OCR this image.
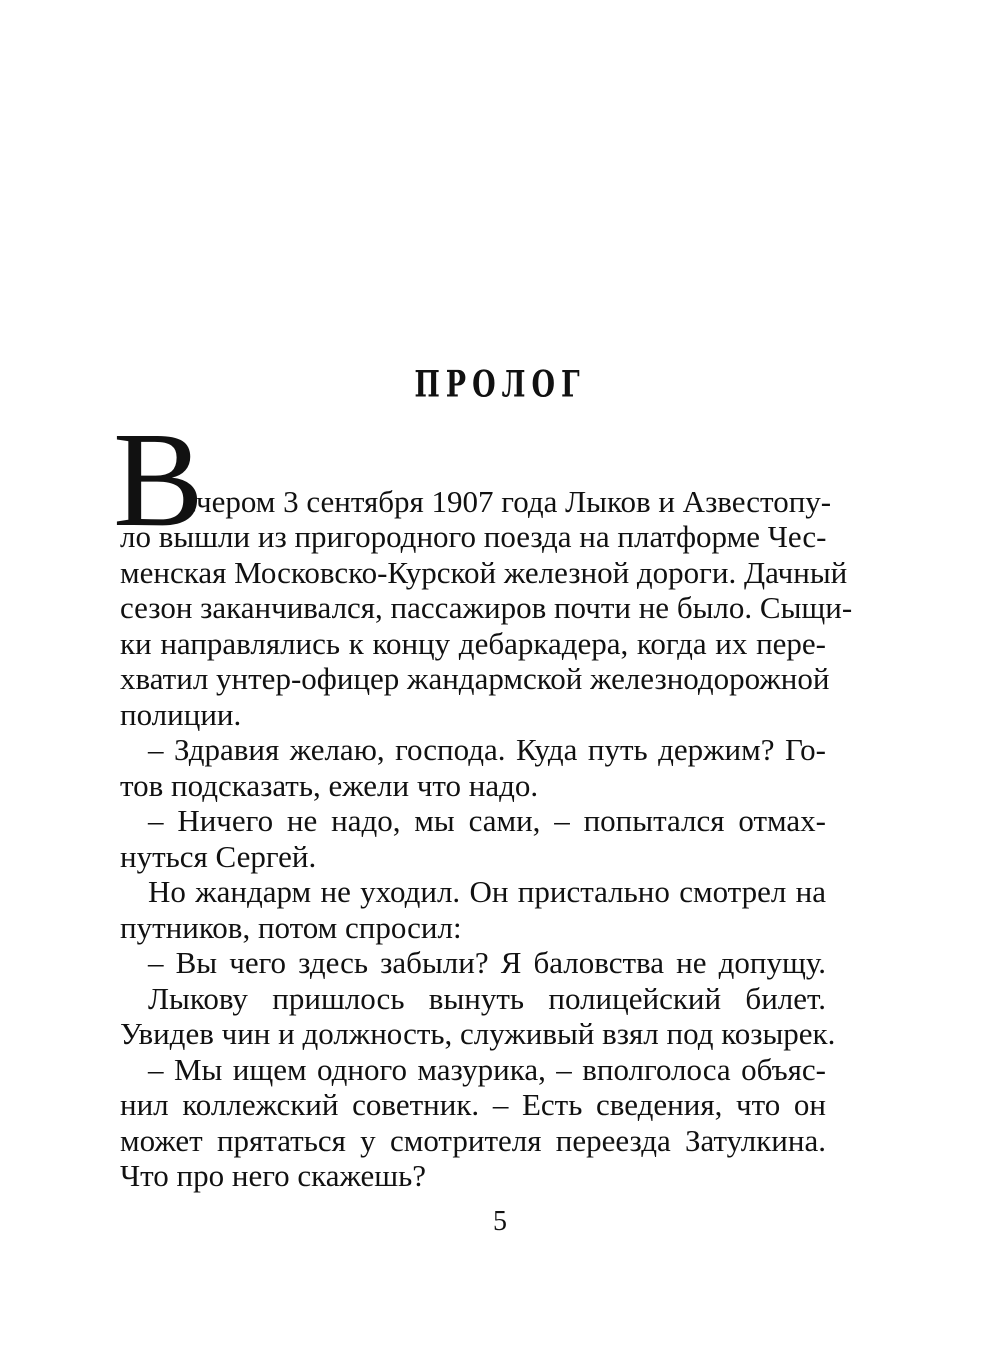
ПРОЛОГ
В
ечером 3 сентября 1907 года Лыков и Азвестопу-
ло вышли из пригородного поезда на платформе Чес-
менская Московско-Курской железной дороги. Дачный
сезон заканчивался, пассажиров почти не было. Сыщи-
ки направлялись к концу дебаркадера, когда их пере-
хватил унтер-офицер жандармской железнодорожной
полиции.
– Здравия желаю, господа. Куда путь держим? Го-
тов подсказать, ежели что надо.
– Ничего не надо, мы сами, – попытался отмах-
нуться Сергей.
Но жандарм не уходил. Он пристально смотрел на
путников, потом спросил:
– Вы чего здесь забыли? Я баловства не допущу.
Лыкову пришлось вынуть полицейский билет.
Увидев чин и должность, служивый взял под козырек.
– Мы ищем одного мазурика, – вполголоса объяс-
нил коллежский советник. – Есть сведения, что он
может прятаться у смотрителя переезда Затулкина.
Что про него скажешь?
5
